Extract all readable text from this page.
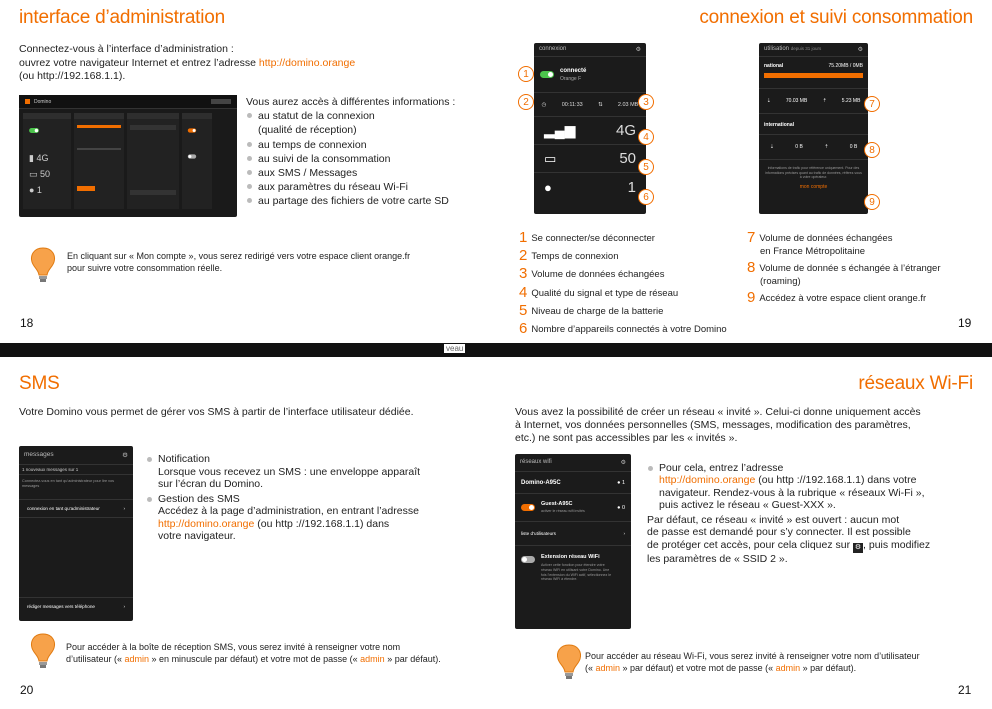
interface d’administration
Connectez-vous à l’interface d’administration :
ouvrez votre navigateur Internet et entrez l’adresse http://domino.orange
(ou http://192.168.1.1).
Domino
▮ 4G
▭ 50
● 1

Vous aurez accès à différentes informations :
au statut de la connexion
(qualité de réception)
au temps de connexion
au suivi de la consommation
aux SMS / Messages
aux paramètres du réseau Wi-Fi
au partage des fichiers de votre carte SD
En cliquant sur « Mon compte », vous serez redirigé vers votre espace client orange.fr
pour suivre votre consommation réelle.
18
connexion et suivi consommation
connexion	⚙
connecté
Orange F
◷	00:11:33	⇅	2.03 MB
▂▄▆	4G
▭	50
●	1
1
2	3
4
5
6
utilisation depuis 31 jours	⚙
national	75.20MB / 0MB
⇣	70.03 MB	⇡	5.23 MB
international
⇣	0 B	⇡	0 B
informations de trafic pour référence uniquement. Pour des informations précises quant au trafic de données, référez-vous à votre opérateur.
mon compte
7
8
9
1 Se connecter/se déconnecter
2 Temps de connexion
3 Volume de données échangées
4 Qualité du signal et type de réseau
5 Niveau de charge de la batterie
6 Nombre d’appareils connectés à votre Domino
7 Volume de données échangées
en France Métropolitaine
8 Volume de donnée s échangée à l’étranger
(roaming)
9 Accédez à votre espace client orange.fr
19
veau
SMS
Votre Domino vous permet de gérer vos SMS à partir de l’interface utilisateur dédiée.
messages	⚙
1 nouveaux messages sur 1
Connectez-vous en tant qu’administrateur pour lire vos messages
connexion en tant qu’administrateur	›
rédiger messages vers téléphone	›
Notification
Lorsque vous recevez un SMS : une enveloppe apparaît
sur l’écran du Domino.
Gestion des SMS
Accédez à la page d’administration, en entrant l’adresse
http://domino.orange (ou http ://192.168.1.1) dans
votre navigateur.
Pour accéder à la boîte de réception SMS, vous serez invité à renseigner votre nom
d’utilisateur (« admin » en minuscule par défaut) et votre mot de passe (« admin » par défaut).
20
réseaux Wi-Fi
Vous avez la possibilité de créer un réseau « invité ». Celui-ci donne uniquement accès
à Internet, vos données personnelles (SMS, messages, modification des paramètres,
etc.) ne sont pas accessibles par les « invités ».
réseaux wifi	⚙
Domino-A95C	● 1
Guest-A95C
activer le réseau wifi invités	● 0
liste d’utilisateurs	›
Extension réseau WiFi
Activer cette fonction pour étendre votre réseau WiFi en utilisant votre Domino. Une fois l’extension du WiFi actif, sélectionnez le réseau WiFi à étendre.
Pour cela, entrez l’adresse
http://domino.orange (ou http ://192.168.1.1) dans votre
navigateur. Rendez-vous à la rubrique « réseaux Wi-Fi »,
puis activez le réseau « Guest-XXX ».
Par défaut, ce réseau « invité » est ouvert : aucun mot
de passe est demandé pour s’y connecter. Il est possible
de protéger cet accès, pour cela cliquez sur ⚙ , puis modifiez
les paramètres de « SSID 2 ».
Pour accéder au réseau Wi-Fi, vous serez invité à renseigner votre nom d’utilisateur
(« admin » par défaut) et votre mot de passe (« admin » par défaut).
21
